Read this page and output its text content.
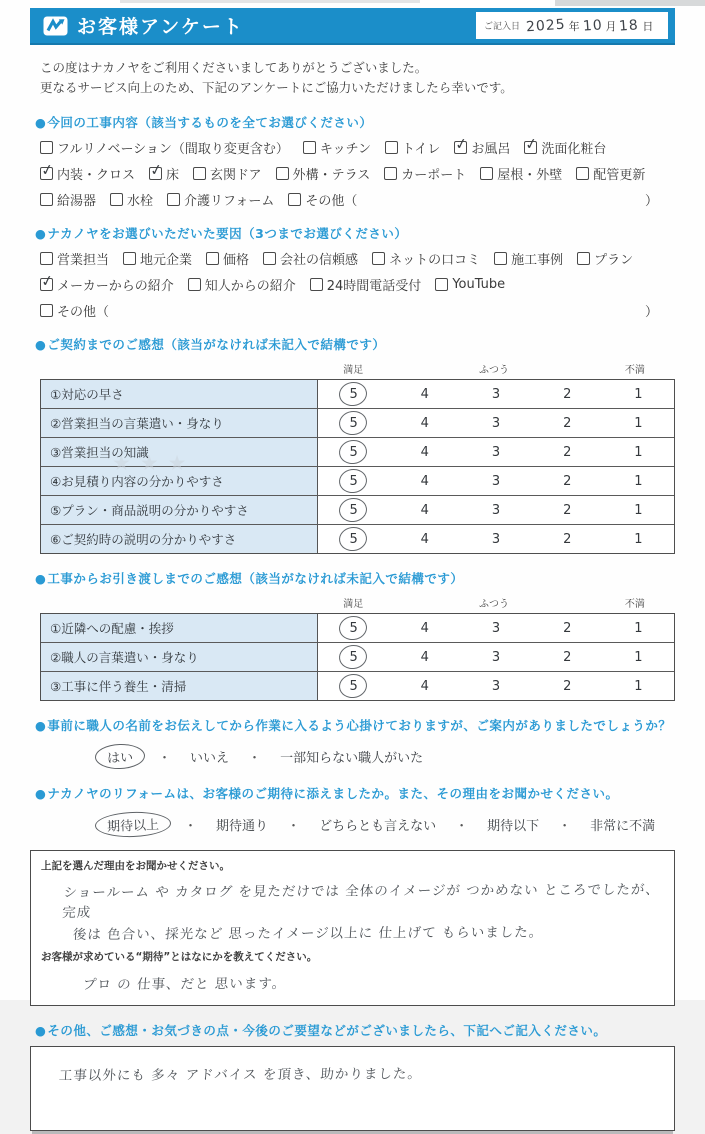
お客様アンケート	ご記入日 2025 年 10 月 18 日
この度はナカノヤをご利用くださいましてありがとうございました。
更なるサービス向上のため、下記のアンケートにご協力いただけましたら幸いです。
●今回の工事内容（該当するものを全てお選びください）
フルリノベーション（間取り変更含む） キッチン トイレ ✓ お風呂 ✓ 洗面化粧台
✓ 内装・クロス ✓ 床 玄関ドア 外構・テラス カーポート 屋根・外壁 配管更新
給湯器 水栓 介護リフォーム その他（	）
●ナカノヤをお選びいただいた要因（3つまでお選びください）
営業担当 地元企業 価格 会社の信頼感 ネットの口コミ 施工事例 プラン
✓ メーカーからの紹介 知人からの紹介 24時間電話受付 YouTube
その他（	）
●ご契約までのご感想（該当がなければ未記入で結構です）
満足	ふつう	不満
①対応の早さ	5	4	3	2	1
②営業担当の言葉遣い・身なり	5	4	3	2	1
③営業担当の知識	5	4	3	2	1
④お見積り内容の分かりやすさ	5	4	3	2	1
⑤プラン・商品説明の分かりやすさ	5	4	3	2	1
⑥ご契約時の説明の分かりやすさ	5	4	3	2	1
★★★
●工事からお引き渡しまでのご感想（該当がなければ未記入で結構です）
満足	ふつう	不満
①近隣への配慮・挨拶	5	4	3	2	1
②職人の言葉遣い・身なり	5	4	3	2	1
③工事に伴う養生・清掃	5	4	3	2	1
●事前に職人の名前をお伝えしてから作業に入るよう心掛けておりますが、ご案内がありましたでしょうか？
はい	・	いいえ	・	一部知らない職人がいた
●ナカノヤのリフォームは、お客様のご期待に添えましたか。また、その理由をお聞かせください。
期待以上	・	期待通り	・	どちらとも言えない	・	期待以下	・	非常に不満
上記を選んだ理由をお聞かせください。
ショールーム や カタログ を見ただけでは 全体のイメージが つかめない ところでしたが、完成
後は 色合い、採光など 思ったイメージ以上に 仕上げて もらいました。
お客様が求めている“期待”とはなにかを教えてください。
プロ の 仕事、だと 思います。
●その他、ご感想・お気づきの点・今後のご要望などがございましたら、下記へご記入ください。
工事以外にも 多々 アドバイス を頂き、助かりました。
